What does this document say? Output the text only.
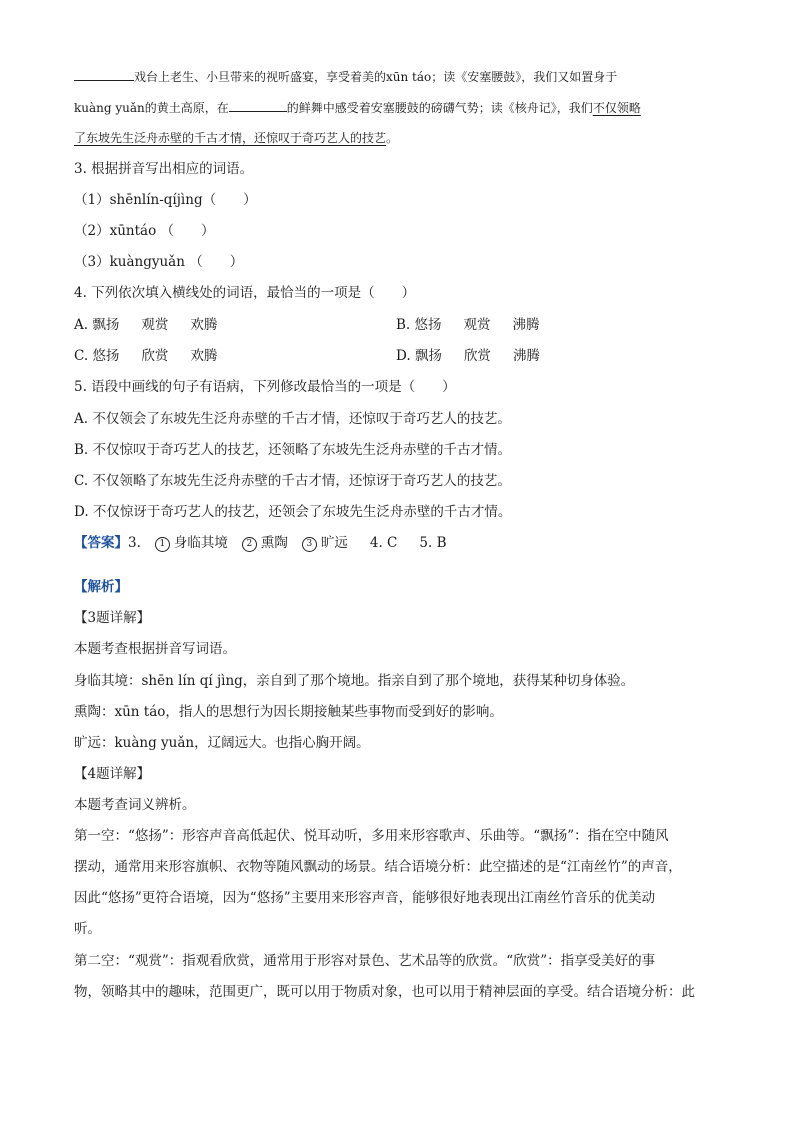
戏台上老生、小旦带来的视听盛宴，享受着美的xūn táo；读《安塞腰鼓》，我们又如置身于
kuàng yuǎn的黄土高原，在	的鲜舞中感受着安塞腰鼓的磅礴气势；读《核舟记》，我们不仅领略
了东坡先生泛舟赤壁的千古才情，还惊叹于奇巧艺人的技艺。
3. 根据拼音写出相应的词语。
（1）shēnlín-qíjìng（　　）
（2）xūntáo （　　）
（3）kuàngyuǎn （　　）
4. 下列依次填入横线处的词语，最恰当的一项是（　　）
A. 飘扬 观赏 欢腾	B. 悠扬 观赏 沸腾
C. 悠扬 欣赏 欢腾	D. 飘扬 欣赏 沸腾
5. 语段中画线的句子有语病，下列修改最恰当的一项是（　　）
A. 不仅领会了东坡先生泛舟赤壁的千古才情，还惊叹于奇巧艺人的技艺。
B. 不仅惊叹于奇巧艺人的技艺，还领略了东坡先生泛舟赤壁的千古才情。
C. 不仅领略了东坡先生泛舟赤壁的千古才情，还惊讶于奇巧艺人的技艺。
D. 不仅惊讶于奇巧艺人的技艺，还领会了东坡先生泛舟赤壁的千古才情。
【答案】3. 1 身临其境 2 熏陶 3 旷远 4. C 5. B
【解析】
【3题详解】
本题考查根据拼音写词语。
身临其境：shēn lín qí jìng，亲自到了那个境地。指亲自到了那个境地，获得某种切身体验。
熏陶：xūn táo，指人的思想行为因长期接触某些事物而受到好的影响。
旷远：kuàng yuǎn，辽阔远大。也指心胸开阔。
【4题详解】
本题考查词义辨析。
第一空：“悠扬”：形容声音高低起伏、悦耳动听，多用来形容歌声、乐曲等。“飘扬”：指在空中随风
摆动，通常用来形容旗帜、衣物等随风飘动的场景。结合语境分析：此空描述的是“江南丝竹”的声音，
因此“悠扬”更符合语境，因为“悠扬”主要用来形容声音，能够很好地表现出江南丝竹音乐的优美动
听。
第二空：“观赏”：指观看欣赏，通常用于形容对景色、艺术品等的欣赏。“欣赏”：指享受美好的事
物，领略其中的趣味，范围更广，既可以用于物质对象，也可以用于精神层面的享受。结合语境分析：此
